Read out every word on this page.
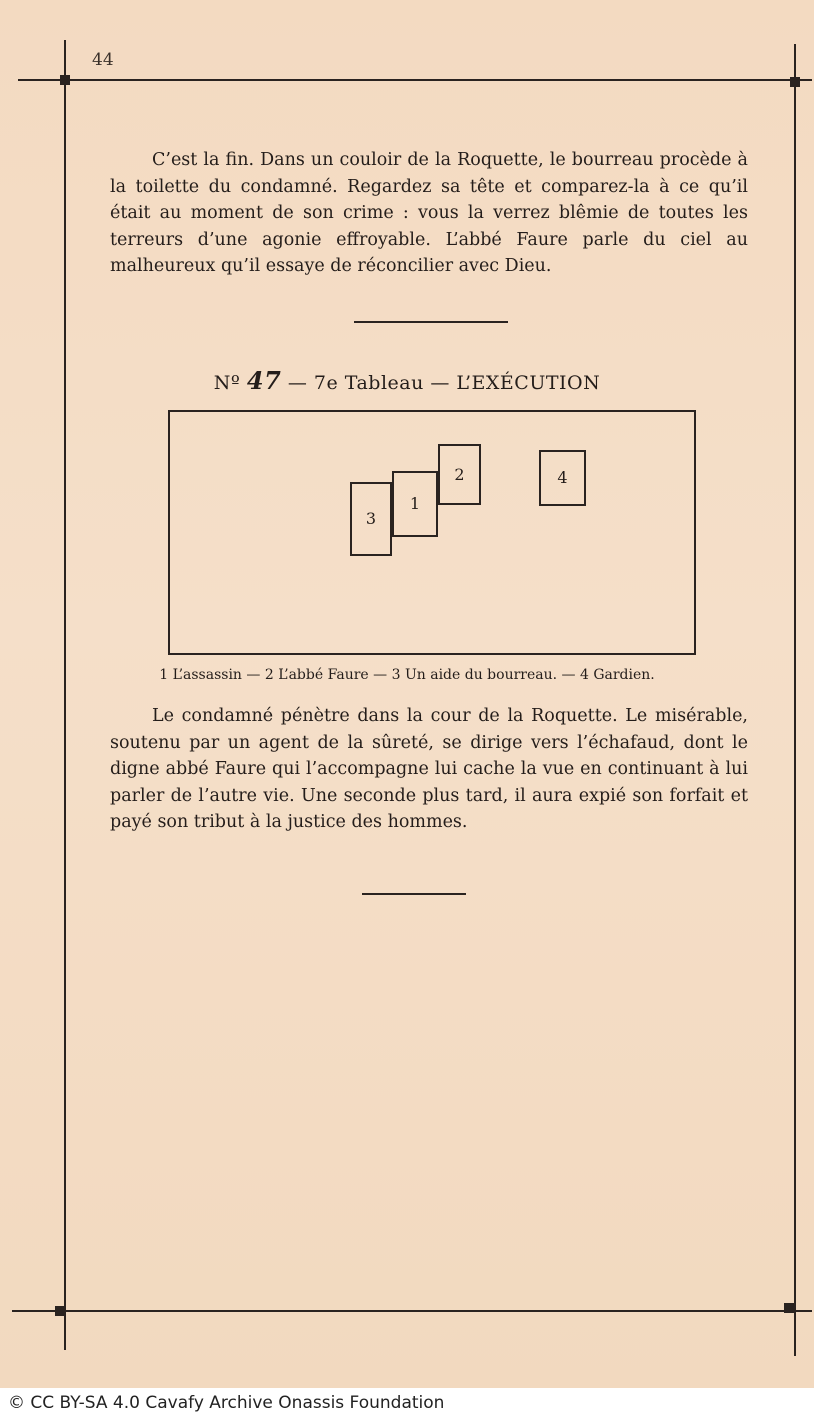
44

C’est la fin. Dans un couloir de la Roquette, le bourreau procède à la toilette du condamné. Regardez sa tête et comparez-la à ce qu’il était au moment de son crime : vous la verrez blêmie de toutes les terreurs d’une agonie effroyable. L’abbé Faure parle du ciel au malheureux qu’il essaye de réconcilier avec Dieu.

Nº 47 — 7e Tableau — L’EXÉCUTION
3
1
2	4
1 L’assassin — 2 L’abbé Faure — 3 Un aide du bourreau. — 4 Gardien.

Le condamné pénètre dans la cour de la Roquette. Le misérable, soutenu par un agent de la sûreté, se dirige vers l’échafaud, dont le digne abbé Faure qui l’accompagne lui cache la vue en continuant à lui parler de l’autre vie. Une seconde plus tard, il aura expié son forfait et payé son tribut à la justice des hommes.

© CC BY-SA 4.0 Cavafy Archive Onassis Foundation
